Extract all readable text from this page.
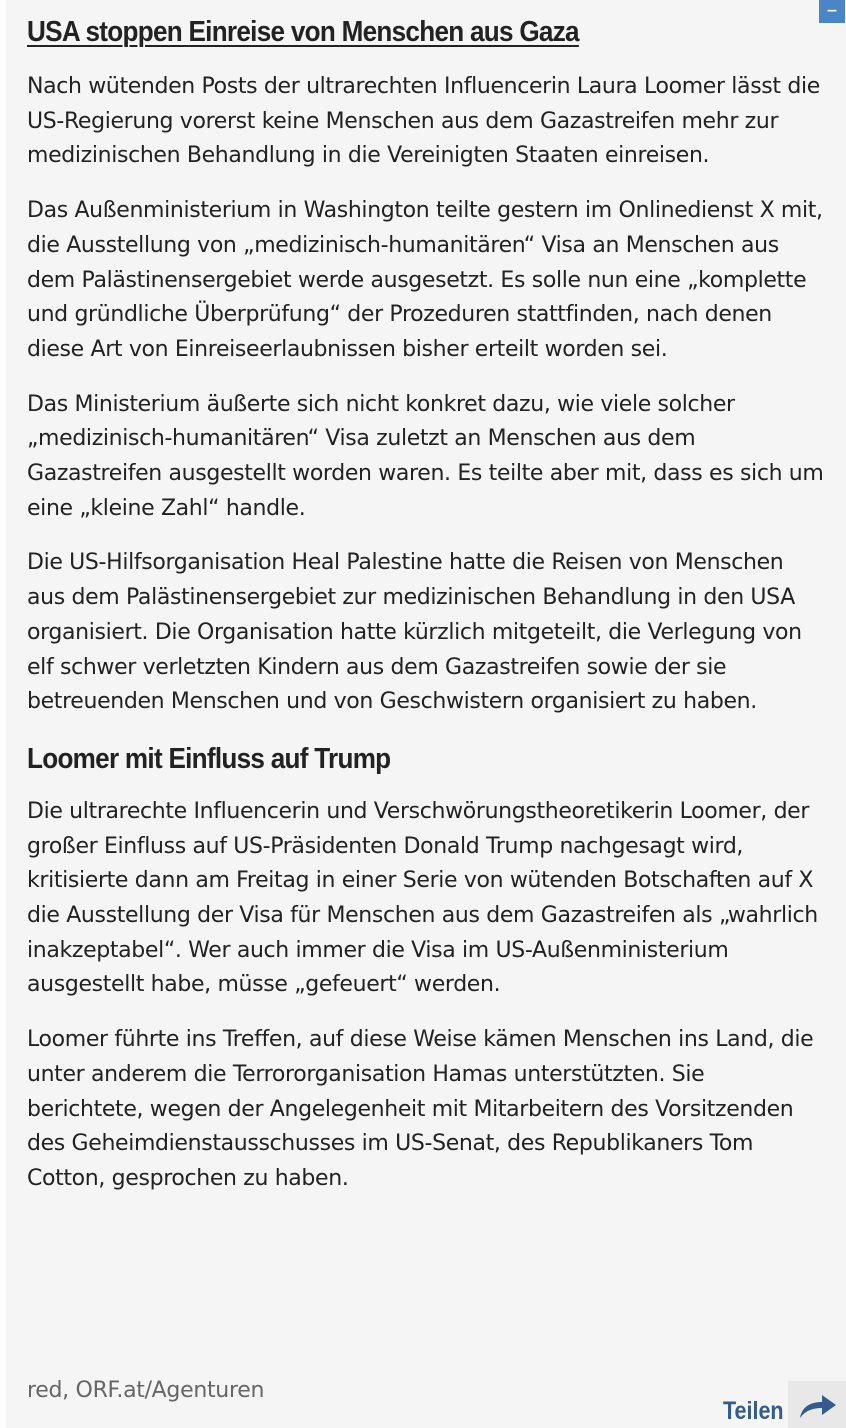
−
USA stoppen Einreise von Menschen aus Gaza

Nach wütenden Posts der ultrarechten Influencerin Laura Loomer lässt die US-Regierung vorerst keine Menschen aus dem Gazastreifen mehr zur medizinischen Behandlung in die Vereinigten Staaten einreisen.

Das Außenministerium in Washington teilte gestern im Onlinedienst X mit, die Ausstellung von „medizinisch-humanitären“ Visa an Menschen aus dem Palästinensergebiet werde ausgesetzt. Es solle nun eine „komplette und gründliche Überprüfung“ der Prozeduren stattfinden, nach denen diese Art von Einreiseerlaubnissen bisher erteilt worden sei.

Das Ministerium äußerte sich nicht konkret dazu, wie viele solcher „medizinisch-humanitären“ Visa zuletzt an Menschen aus dem Gazastreifen ausgestellt worden waren. Es teilte aber mit, dass es sich um eine „kleine Zahl“ handle.

Die US-Hilfsorganisation Heal Palestine hatte die Reisen von Menschen aus dem Palästinensergebiet zur medizinischen Behandlung in den USA organisiert. Die Organisation hatte kürzlich mitgeteilt, die Verlegung von elf schwer verletzten Kindern aus dem Gazastreifen sowie der sie betreuenden Menschen und von Geschwistern organisiert zu haben.

Loomer mit Einfluss auf Trump

Die ultrarechte Influencerin und Verschwörungstheoretikerin Loomer, der großer Einfluss auf US-Präsidenten Donald Trump nachgesagt wird, kritisierte dann am Freitag in einer Serie von wütenden Botschaften auf X die Ausstellung der Visa für Menschen aus dem Gazastreifen als „wahrlich inakzeptabel“. Wer auch immer die Visa im US-Außenministerium ausgestellt habe, müsse „gefeuert“ werden.

Loomer führte ins Treffen, auf diese Weise kämen Menschen ins Land, die unter anderem die Terrororganisation Hamas unterstützten. Sie berichtete, wegen der Angelegenheit mit Mitarbeitern des Vorsitzenden des Geheimdienstausschusses im US-Senat, des Republikaners Tom Cotton, gesprochen zu haben.

red, ORF.at/Agenturen
Teilen
